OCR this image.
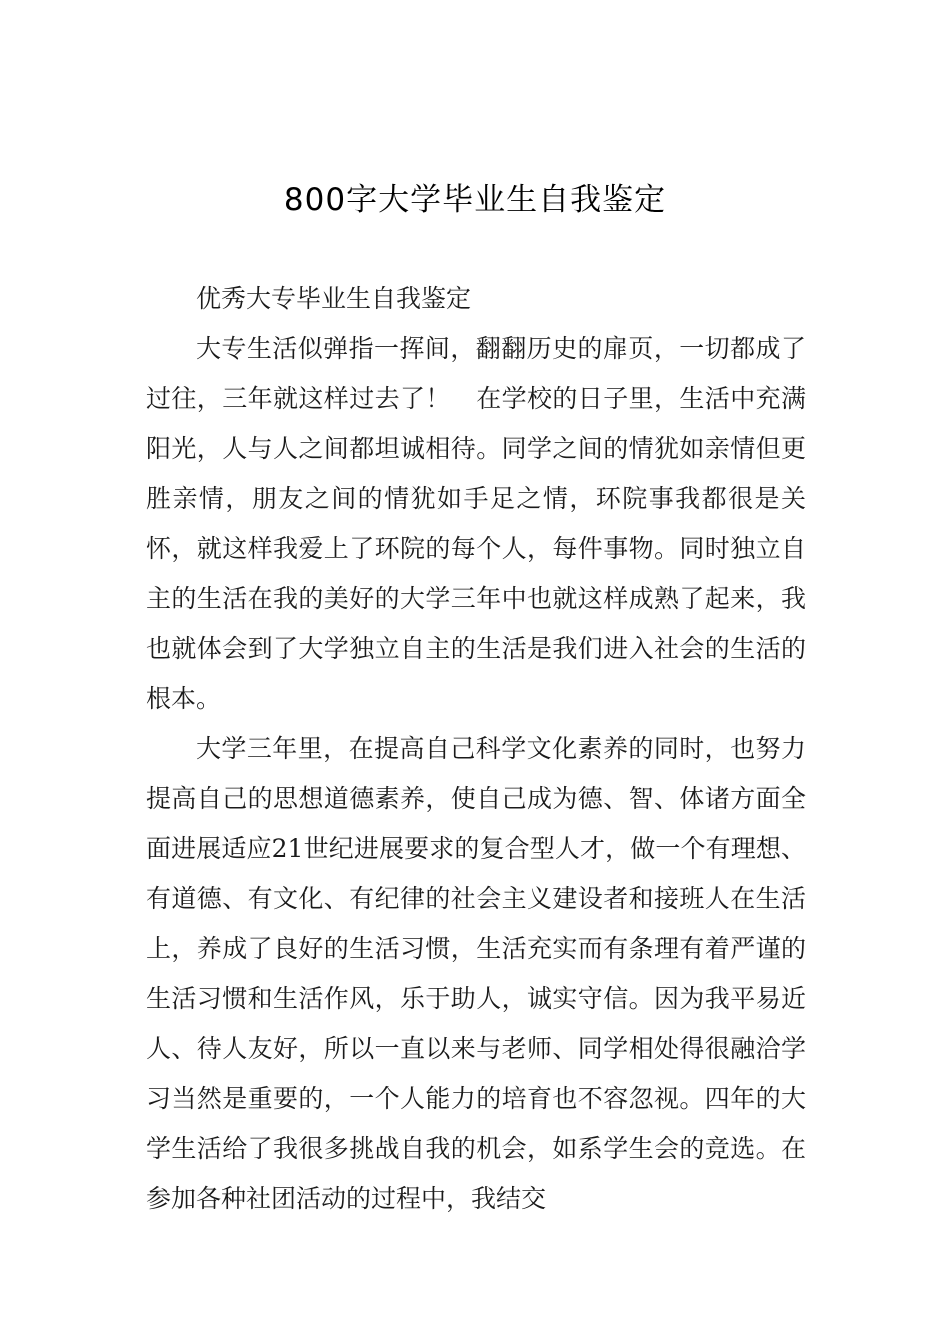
800字大学毕业生自我鉴定

优秀大专毕业生自我鉴定

大专生活似弹指一挥间，翻翻历史的扉页，一切都成了过往，三年就这样过去了！　在学校的日子里，生活中充满阳光，人与人之间都坦诚相待。同学之间的情犹如亲情但更胜亲情，朋友之间的情犹如手足之情，环院事我都很是关怀，就这样我爱上了环院的每个人，每件事物。同时独立自主的生活在我的美好的大学三年中也就这样成熟了起来，我也就体会到了大学独立自主的生活是我们进入社会的生活的根本。

大学三年里，在提高自己科学文化素养的同时，也努力提高自己的思想道德素养，使自己成为德、智、体诸方面全面进展适应21世纪进展要求的复合型人才，做一个有理想、有道德、有文化、有纪律的社会主义建设者和接班人在生活上，养成了良好的生活习惯，生活充实而有条理有着严谨的生活习惯和生活作风，乐于助人，诚实守信。因为我平易近人、待人友好，所以一直以来与老师、同学相处得很融洽学习当然是重要的，一个人能力的培育也不容忽视。四年的大学生活给了我很多挑战自我的机会，如系学生会的竞选。在参加各种社团活动的过程中，我结交
